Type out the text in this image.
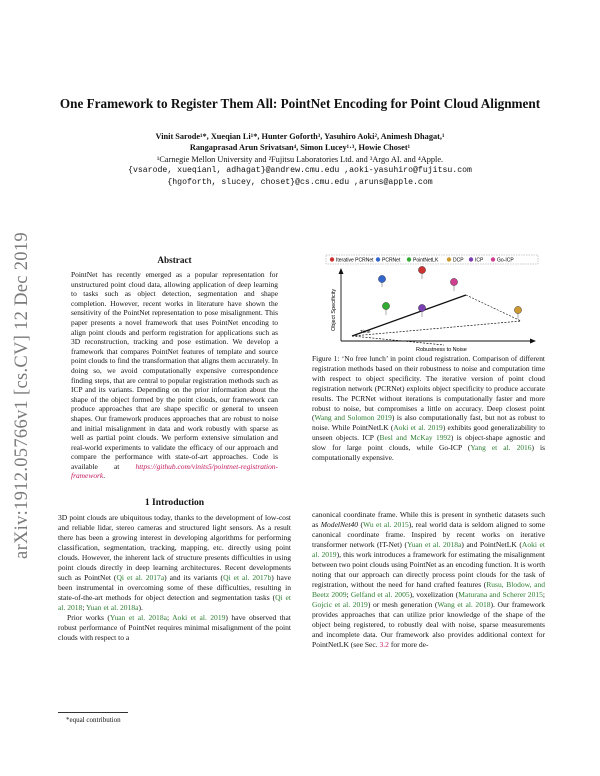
arXiv:1912.05766v1 [cs.CV] 12 Dec 2019
One Framework to Register Them All: PointNet Encoding for Point Cloud Alignment
Vinit Sarode¹*, Xueqian Li¹*, Hunter Goforth³, Yasuhiro Aoki², Animesh Dhagat,¹
Rangaprasad Arun Srivatsan⁴, Simon Lucey¹·³, Howie Choset¹
¹Carnegie Mellon University and ²Fujitsu Laboratories Ltd. and ³Argo AI. and ⁴Apple.
{vsarode, xueqianl, adhagat}@andrew.cmu.edu ,aoki-yasuhiro@fujitsu.com
{hgoforth, slucey, choset}@cs.cmu.edu ,aruns@apple.com
Abstract
PointNet has recently emerged as a popular representation for unstructured point cloud data, allowing application of deep learning to tasks such as object detection, segmentation and shape completion. However, recent works in literature have shown the sensitivity of the PointNet representation to pose misalignment. This paper presents a novel framework that uses PointNet encoding to align point clouds and perform registration for applications such as 3D reconstruction, tracking and pose estimation. We develop a framework that compares PointNet features of template and source point clouds to find the transformation that aligns them accurately. In doing so, we avoid computationally expensive correspondence finding steps, that are central to popular registration methods such as ICP and its variants. Depending on the prior information about the shape of the object formed by the point clouds, our framework can produce approaches that are shape specific or general to unseen shapes. Our framework produces approaches that are robust to noise and initial misalignment in data and work robustly with sparse as well as partial point clouds. We perform extensive simulation and real-world experiments to validate the efficacy of our approach and compare the performance with state-of-art approaches. Code is available at https://github.com/vinits5/pointnet-registration-framework.
1 Introduction

3D point clouds are ubiquitous today, thanks to the development of low-cost and reliable lidar, stereo cameras and structured light sensors. As a result there has been a growing interest in developing algorithms for performing classification, segmentation, tracking, mapping, etc. directly using point clouds. However, the inherent lack of structure presents difficulties in using point clouds directly in deep learning architectures. Recent developments such as PointNet (Qi et al. 2017a) and its variants (Qi et al. 2017b) have been instrumental in overcoming some of these difficulties, resulting in state-of-the-art methods for object detection and segmentation tasks (Qi et al. 2018; Yuan et al. 2018a).

Prior works (Yuan et al. 2018a; Aoki et al. 2019) have observed that robust performance of PointNet requires minimal misalignment of the point clouds with respect to a

*equal contribution
Iterative PCRNet PCRNet	PointNetLK	DCP ICP	Go-ICP
Robustness to Noise
Object Specificity
Time
Figure 1: ‘No free lunch’ in point cloud registration. Comparison of different registration methods based on their robustness to noise and computation time with respect to object specificity. The iterative version of point cloud registration network (PCRNet) exploits object specificity to produce accurate results. The PCRNet without iterations is computationally faster and more robust to noise, but compromises a little on accuracy. Deep closest point (Wang and Solomon 2019) is also computationally fast, but not as robust to noise. While PointNetLK (Aoki et al. 2019) exhibits good generalizability to unseen objects. ICP (Besl and McKay 1992) is object-shape agnostic and slow for large point clouds, while Go-ICP (Yang et al. 2016) is computationally expensive.
canonical coordinate frame. While this is present in synthetic datasets such as ModelNet40 (Wu et al. 2015), real world data is seldom aligned to some canonical coordinate frame. Inspired by recent works on iterative transformer network (IT-Net) (Yuan et al. 2018a) and PointNetLK (Aoki et al. 2019), this work introduces a framework for estimating the misalignment between two point clouds using PointNet as an encoding function. It is worth noting that our approach can directly process point clouds for the task of registration, without the need for hand crafted features (Rusu, Blodow, and Beetz 2009; Gelfand et al. 2005), voxelization (Maturana and Scherer 2015; Gojcic et al. 2019) or mesh generation (Wang et al. 2018). Our framework provides approaches that can utilize prior knowledge of the shape of the object being registered, to robustly deal with noise, sparse measurements and incomplete data. Our framework also provides additional context for PointNetLK (see Sec. 3.2 for more de-
